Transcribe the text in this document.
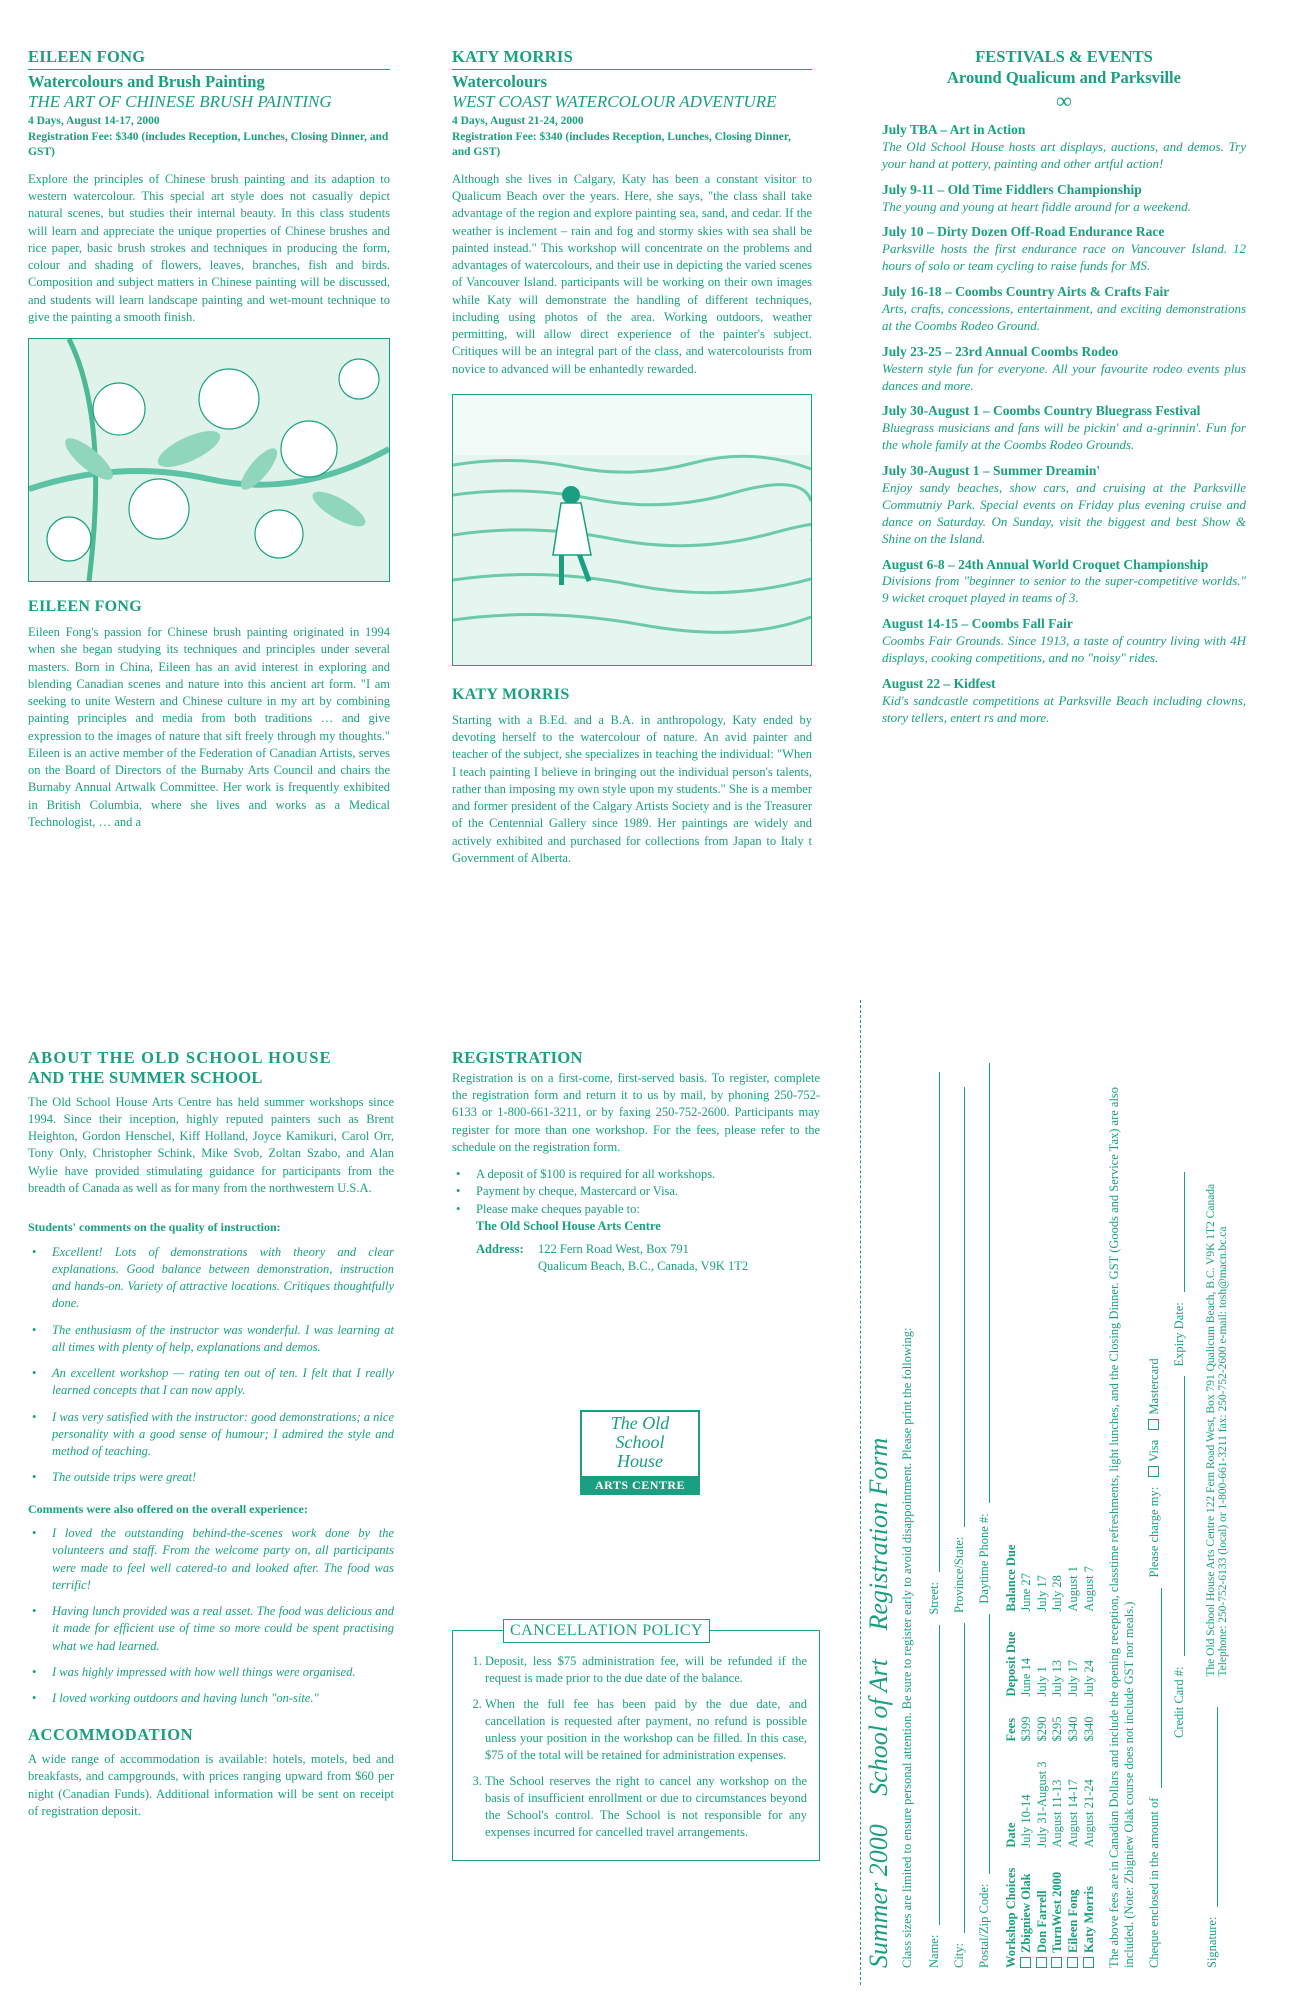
EILEEN FONG
Watercolours and Brush Painting
THE ART OF CHINESE BRUSH PAINTING
4 Days, August 14-17, 2000
Registration Fee: $340 (includes Reception, Lunches, Closing Dinner, and GST)

Explore the principles of Chinese brush painting and its adaption to western watercolour. This special art style does not casually depict natural scenes, but studies their internal beauty. In this class students will learn and appreciate the unique properties of Chinese brushes and rice paper, basic brush strokes and techniques in producing the form, colour and shading of flowers, leaves, branches, fish and birds. Composition and subject matters in Chinese painting will be discussed, and students will learn landscape painting and wet-mount technique to give the painting a smooth finish.

EILEEN FONG

Eileen Fong's passion for Chinese brush painting originated in 1994 when she began studying its techniques and principles under several masters. Born in China, Eileen has an avid interest in exploring and blending Canadian scenes and nature into this ancient art form. "I am seeking to unite Western and Chinese culture in my art by combining painting principles and media from both traditions … and give expression to the images of nature that sift freely through my thoughts." Eileen is an active member of the Federation of Canadian Artists, serves on the Board of Directors of the Burnaby Arts Council and chairs the Burnaby Annual Artwalk Committee. Her work is frequently exhibited in British Columbia, where she lives and works as a Medical Technologist, … and a

KATY MORRIS
Watercolours
WEST COAST WATERCOLOUR ADVENTURE
4 Days, August 21-24, 2000
Registration Fee: $340 (includes Reception, Lunches, Closing Dinner, and GST)

Although she lives in Calgary, Katy has been a constant visitor to Qualicum Beach over the years. Here, she says, "the class shall take advantage of the region and explore painting sea, sand, and cedar. If the weather is inclement – rain and fog and stormy skies with sea shall be painted instead." This workshop will concentrate on the problems and advantages of watercolours, and their use in depicting the varied scenes of Vancouver Island. participants will be working on their own images while Katy will demonstrate the handling of different techniques, including using photos of the area. Working outdoors, weather permitting, will allow direct experience of the painter's subject. Critiques will be an integral part of the class, and watercolourists from novice to advanced will be enhantedly rewarded.

KATY MORRIS

Starting with a B.Ed. and a B.A. in anthropology, Katy ended by devoting herself to the watercolour of nature. An avid painter and teacher of the subject, she specializes in teaching the individual: "When I teach painting I believe in bringing out the individual person's talents, rather than imposing my own style upon my students." She is a member and former president of the Calgary Artists Society and is the Treasurer of the Centennial Gallery since 1989. Her paintings are widely and actively exhibited and purchased for collections from Japan to Italy t Government of Alberta.

FESTIVALS & EVENTS
Around Qualicum and Parksville
∞
July TBA – Art in Action
The Old School House hosts art displays, auctions, and demos. Try your hand at pottery, painting and other artful action!
July 9-11 – Old Time Fiddlers Championship
The young and young at heart fiddle around for a weekend.
July 10 – Dirty Dozen Off-Road Endurance Race
Parksville hosts the first endurance race on Vancouver Island. 12 hours of solo or team cycling to raise funds for MS.
July 16-18 – Coombs Country Airts & Crafts Fair
Arts, crafts, concessions, entertainment, and exciting demonstrations at the Coombs Rodeo Ground.
July 23-25 – 23rd Annual Coombs Rodeo
Western style fun for everyone. All your favourite rodeo events plus dances and more.
July 30-August 1 – Coombs Country Bluegrass Festival
Bluegrass musicians and fans will be pickin' and a-grinnin'. Fun for the whole family at the Coombs Rodeo Grounds.
July 30-August 1 – Summer Dreamin'
Enjoy sandy beaches, show cars, and cruising at the Parksville Commutniy Park. Special events on Friday plus evening cruise and dance on Saturday. On Sunday, visit the biggest and best Show & Shine on the Island.
August 6-8 – 24th Annual World Croquet Championship
Divisions from "beginner to senior to the super-competitive worlds." 9 wicket croquet played in teams of 3.
August 14-15 – Coombs Fall Fair
Coombs Fair Grounds. Since 1913, a taste of country living with 4H displays, cooking competitions, and no "noisy" rides.
August 22 – Kidfest
Kid's sandcastle competitions at Parksville Beach including clowns, story tellers, entert rs and more.
ABOUT THE OLD SCHOOL HOUSE
AND THE SUMMER SCHOOL

The Old School House Arts Centre has held summer workshops since 1994. Since their inception, highly reputed painters such as Brent Heighton, Gordon Henschel, Kiff Holland, Joyce Kamikuri, Carol Orr, Tony Only, Christopher Schink, Mike Svob, Zoltan Szabo, and Alan Wylie have provided stimulating guidance for participants from the breadth of Canada as well as for many from the northwestern U.S.A.

Students' comments on the quality of instruction:
• Excellent! Lots of demonstrations with theory and clear explanations. Good balance between demonstration, instruction and hands-on. Variety of attractive locations. Critiques thoughtfully done.
• The enthusiasm of the instructor was wonderful. I was learning at all times with plenty of help, explanations and demos.
• An excellent workshop — rating ten out of ten. I felt that I really learned concepts that I can now apply.
• I was very satisfied with the instructor: good demonstrations; a nice personality with a good sense of humour; I admired the style and method of teaching.
• The outside trips were great!
Comments were also offered on the overall experience:
• I loved the outstanding behind-the-scenes work done by the volunteers and staff. From the welcome party on, all participants were made to feel well catered-to and looked after. The food was terrific!
• Having lunch provided was a real asset. The food was delicious and it made for efficient use of time so more could be spent practising what we had learned.
• I was highly impressed with how well things were organised.
• I loved working outdoors and having lunch "on-site."
ACCOMMODATION

A wide range of accommodation is available: hotels, motels, bed and breakfasts, and campgrounds, with prices ranging upward from $60 per night (Canadian Funds). Additional information will be sent on receipt of registration deposit.

REGISTRATION

Registration is on a first-come, first-served basis. To register, complete the registration form and return it to us by mail, by phoning 250-752-6133 or 1-800-661-3211, or by faxing 250-752-2600. Participants may register for more than one workshop. For the fees, please refer to the schedule on the registration form.

• A deposit of $100 is required for all workshops.
• Payment by cheque, Mastercard or Visa.
• Please make cheques payable to:
The Old School House Arts Centre
Address:	122 Fern Road West, Box 791
Qualicum Beach, B.C., Canada, V9K 1T2
The Old
School
House
ARTS CENTRE
CANCELLATION POLICY
1. Deposit, less $75 administration fee, will be refunded if the request is made prior to the due date of the balance.
2. When the full fee has been paid by the due date, and cancellation is requested after payment, no refund is possible unless your position in the workshop can be filled. In this case, $75 of the total will be retained for administration expenses.
3. The School reserves the right to cancel any workshop on the basis of insufficient enrollment or due to circumstances beyond the School's control. The School is not responsible for any expenses incurred for cancelled travel arrangements.	Summer 2000 School of Art Registration Form Class sizes are limited to ensure personal attention. Be sure to register early to avoid disappointment. Please print the following: Name:
Street:
City:
Province/State:
Postal/Zip Code:
Daytime Phone #:
Workshop Choices	Date	Fees	Deposit Due	Balance Due
Zbigniew Olak	July 10-14	$399	June 14	June 27
Don Farrell	July 31-August 3	$290	July 1	July 17
TurnWest 2000	August 11-13	$295	July 13	July 28
Eileen Fong	August 14-17	$340	July 17	August 1
Katy Morris	August 21-24	$340	July 24	August 7 The above fees are in Canadian Dollars and include the opening reception, classtime refreshments, light lunches, and the Closing Dinner. GST (Goods and Service Tax) are also included. (Note: Zbigniew Olak course does not include GST nor meals.) Cheque enclosed in the amount of
Please charge my:
Visa
Mastercard
Credit Card #:
Expiry Date:
Signature:
The Old School House Arts Centre 122 Fern Road West, Box 791 Qualicum Beach, B.C. V9K 1T2 Canada
Telephone: 250-752-6133 (local) or 1-800-661-3211 fax: 250-752-2600 e-mail: tosh@macn.bc.ca
